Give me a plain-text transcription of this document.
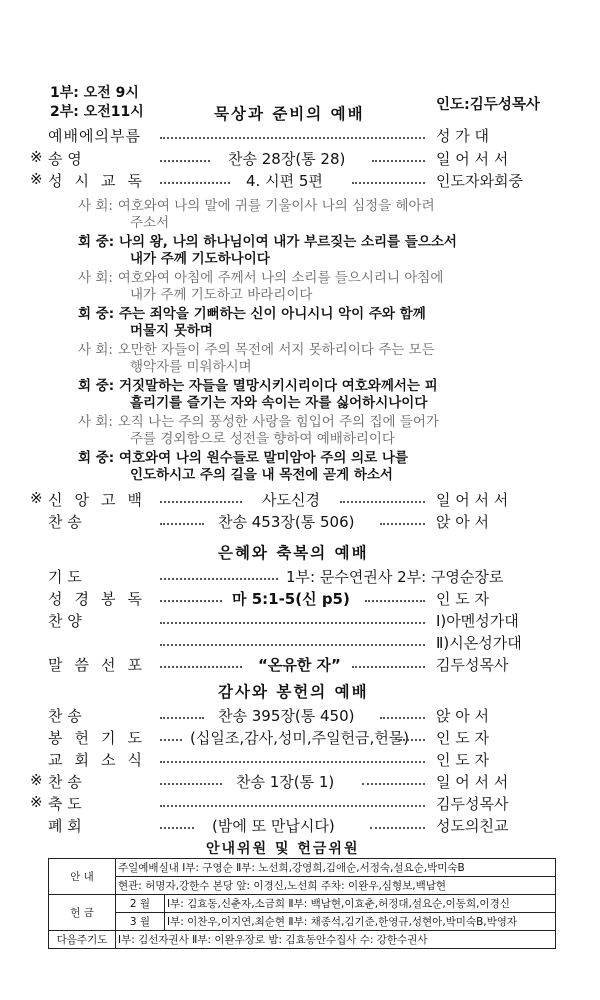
1부: 오전 9시
2부: 오전11시	묵상과 준비의 예배	인도:김두성목사
예배에의부름	성 가 대
※ 송 영	찬송 28장(통 28)	일 어 서 서
※ 성시교독	4. 시편 5편	인도자와회중
사 회: 여호와여 나의 말에 귀를 기울이사 나의 심정을 헤아려
주소서
회 중: 나의 왕, 나의 하나님이여 내가 부르짖는 소리를 들으소서
내가 주께 기도하나이다
사 회: 여호와여 아침에 주께서 나의 소리를 들으시리니 아침에
내가 주께 기도하고 바라리이다
회 중: 주는 죄악을 기뻐하는 신이 아니시니 악이 주와 함께
머물지 못하며
사 회: 오만한 자들이 주의 목전에 서지 못하리이다 주는 모든
행악자를 미워하시며
회 중: 거짓말하는 자들을 멸망시키시리이다 여호와께서는 피
흘리기를 즐기는 자와 속이는 자를 싫어하시나이다
사 회: 오직 나는 주의 풍성한 사랑을 힘입어 주의 집에 들어가
주를 경외함으로 성전을 향하여 예배하리이다
회 중: 여호와여 나의 원수들로 말미암아 주의 의로 나를
인도하시고 주의 길을 내 목전에 곧게 하소서
※ 신앙고백	사도신경	일 어 서 서
찬 송	찬송 453장(통 506)	앉 아 서
은혜와 축복의 예배
기 도	1부: 문수연권사 2부: 구영순장로
성경봉독	마 5:1-5(신 p5)	인 도 자
찬 양	Ⅰ)아멘성가대
Ⅱ)시온성가대
말씀선포	“온유한 자”	김두성목사
감사와 봉헌의 예배
찬 송	찬송 395장(통 450)	앉 아 서
봉헌기도 (십일조,감사,성미,주일헌금,헌물) 인 도 자
교회소식	인 도 자
※ 찬 송	찬송 1장(통 1)	일 어 서 서
※ 축 도	김두성목사
폐 회	(밤에 또 만납시다)	성도의친교
안내위원 및 헌금위원
안 내	주일예배실내 Ⅰ부: 구영순 Ⅱ부: 노선희,강영희,김애순,서정숙,설요순,박미숙B	
	현관: 허명자,강한수 본당 앞: 이경신,노선희 주차: 이완우,심형보,백남현	
헌 금	2 월	Ⅰ부: 김효동,신춘자,소금희 Ⅱ부: 백남현,이효춘,허정대,설요순,이동희,이경신
	3 월	Ⅰ부: 이찬우,이지연,최순현 Ⅱ부: 채종석,김기준,한영규,성현아,박미숙B,박영자
다음주기도	Ⅰ부: 김선자권사 Ⅱ부: 이완우장로 밤: 김효동안수집사 수: 강한수권사	
